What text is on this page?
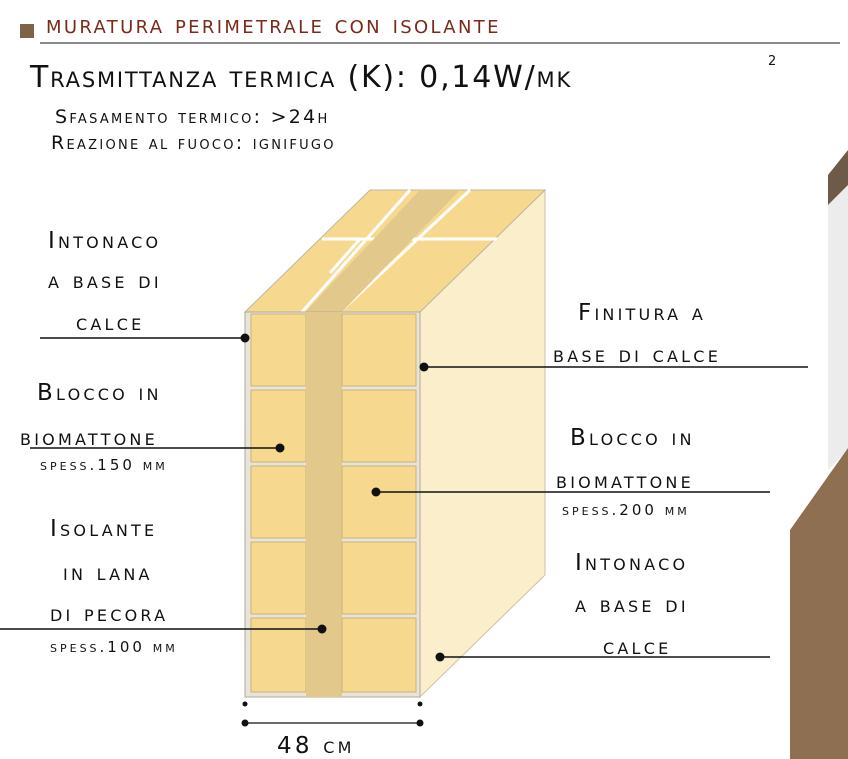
muratura perimetrale con isolante
Trasmittanza termica (K): 0,14W/mk	2
Sfasamento termico: >24h
Reazione al fuoco: ignifugo
Intonaco
a base di
calce
Blocco in
biomattone
spess.150 mm
Isolante
in lana
di pecora
spess.100 mm
Finitura a
base di calce
Blocco in
biomattone
spess.200 mm
Intonaco
a base di
calce
48 cm
